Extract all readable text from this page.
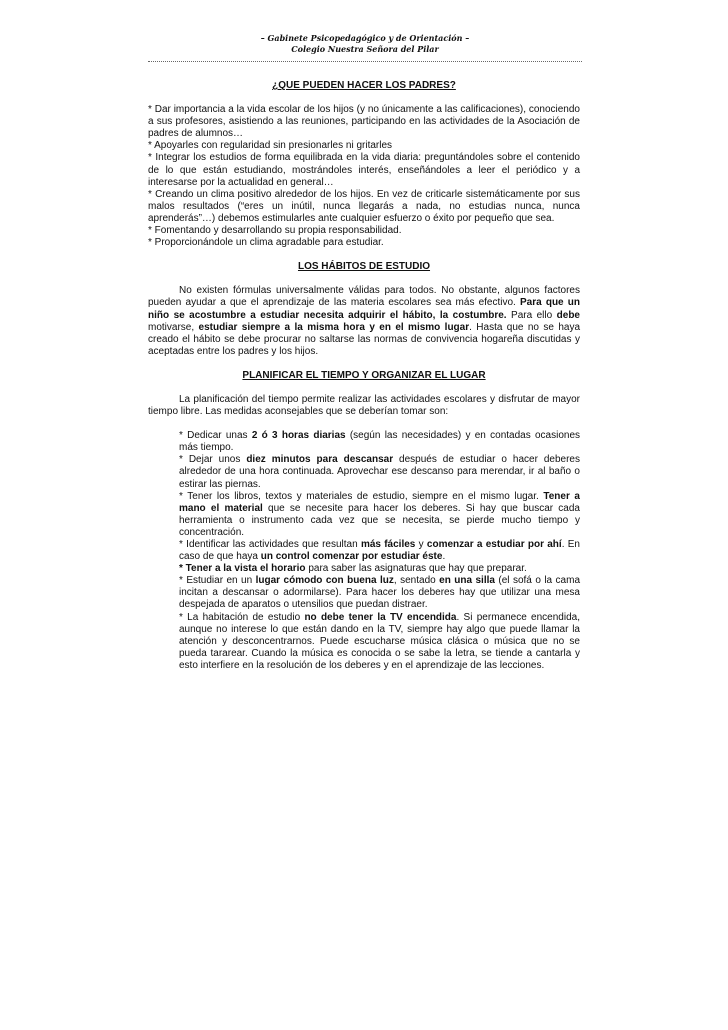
– Gabinete Psicopedagógico y de Orientación –
Colegio Nuestra Señora del Pilar
¿QUE PUEDEN HACER LOS PADRES?

* Dar importancia a la vida escolar de los hijos (y no únicamente a las calificaciones), conociendo a sus profesores, asistiendo a las reuniones, participando en las actividades de la Asociación de padres de alumnos…

* Apoyarles con regularidad sin presionarles ni gritarles

* Integrar los estudios de forma equilibrada en la vida diaria: preguntándoles sobre el contenido de lo que están estudiando, mostrándoles interés, enseñándoles a leer el periódico y a interesarse por la actualidad en general…

* Creando un clima positivo alrededor de los hijos. En vez de criticarle sistemáticamente por sus malos resultados (“eres un inútil, nunca llegarás a nada, no estudias nunca, nunca aprenderás”…) debemos estimularles ante cualquier esfuerzo o éxito por pequeño que sea.

* Fomentando y desarrollando su propia responsabilidad.

* Proporcionándole un clima agradable para estudiar.

LOS HÁBITOS DE ESTUDIO

No existen fórmulas universalmente válidas para todos. No obstante, algunos factores pueden ayudar a que el aprendizaje de las materia escolares sea más efectivo. Para que un niño se acostumbre a estudiar necesita adquirir el hábito, la costumbre. Para ello debe motivarse, estudiar siempre a la misma hora y en el mismo lugar. Hasta que no se haya creado el hábito se debe procurar no saltarse las normas de convivencia hogareña discutidas y aceptadas entre los padres y los hijos.

PLANIFICAR EL TIEMPO Y ORGANIZAR EL LUGAR

La planificación del tiempo permite realizar las actividades escolares y disfrutar de mayor tiempo libre. Las medidas aconsejables que se deberían tomar son:

* Dedicar unas 2 ó 3 horas diarias (según las necesidades) y en contadas ocasiones más tiempo.

* Dejar unos diez minutos para descansar después de estudiar o hacer deberes alrededor de una hora continuada. Aprovechar ese descanso para merendar, ir al baño o estirar las piernas.

* Tener los libros, textos y materiales de estudio, siempre en el mismo lugar. Tener a mano el material que se necesite para hacer los deberes. Si hay que buscar cada herramienta o instrumento cada vez que se necesita, se pierde mucho tiempo y concentración.

* Identificar las actividades que resultan más fáciles y comenzar a estudiar por ahí. En caso de que haya un control comenzar por estudiar éste.

* Tener a la vista el horario para saber las asignaturas que hay que preparar.

* Estudiar en un lugar cómodo con buena luz, sentado en una silla (el sofá o la cama incitan a descansar o adormilarse). Para hacer los deberes hay que utilizar una mesa despejada de aparatos o utensilios que puedan distraer.

* La habitación de estudio no debe tener la TV encendida. Si permanece encendida, aunque no interese lo que están dando en la TV, siempre hay algo que puede llamar la atención y desconcentrarnos. Puede escucharse música clásica o música que no se pueda tararear. Cuando la música es conocida o se sabe la letra, se tiende a cantarla y esto interfiere en la resolución de los deberes y en el aprendizaje de las lecciones.
